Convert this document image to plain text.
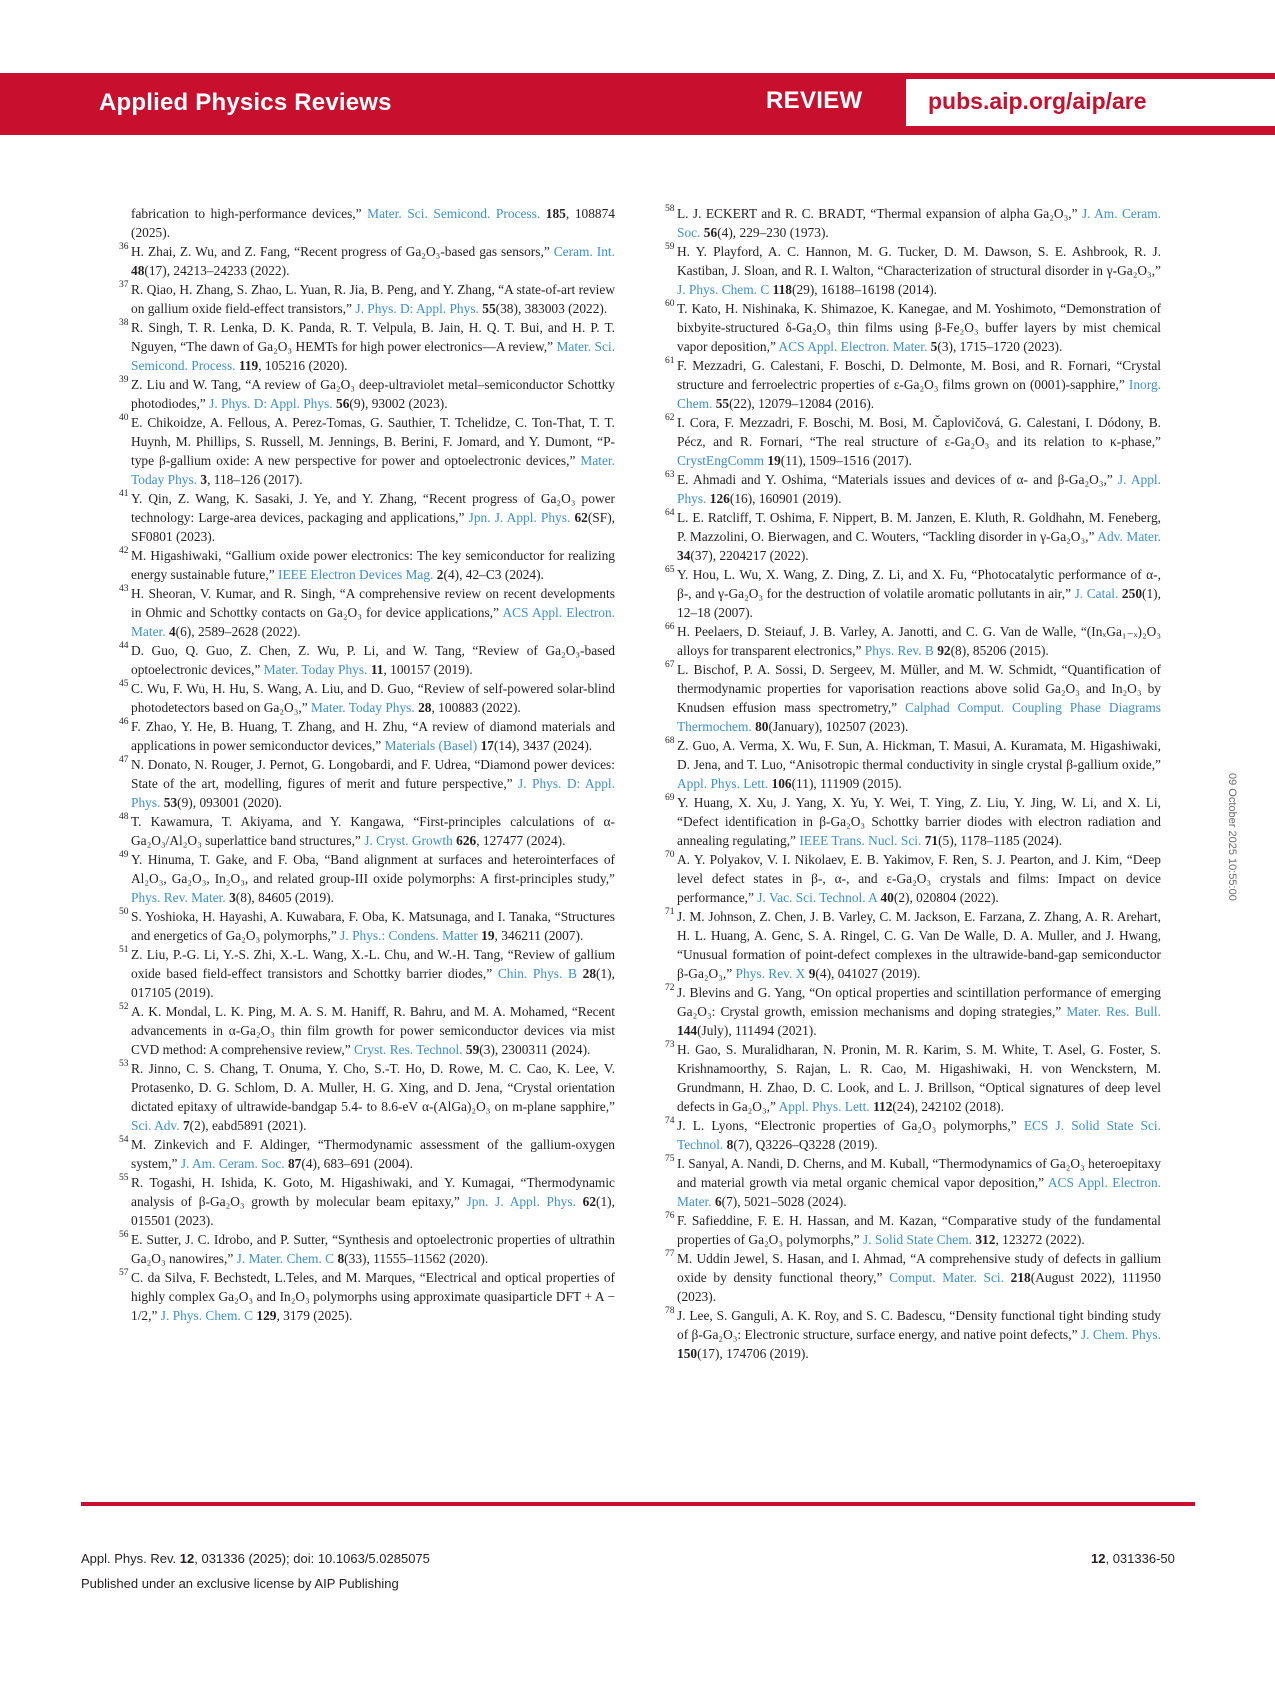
Applied Physics Reviews	REVIEW	pubs.aip.org/aip/are
fabrication to high-performance devices,” Mater. Sci. Semicond. Process. 185, 108874 (2025).
36 H. Zhai, Z. Wu, and Z. Fang, “Recent progress of Ga₂O₃-based gas sensors,” Ceram. Int. 48(17), 24213–24233 (2022).
37 R. Qiao, H. Zhang, S. Zhao, L. Yuan, R. Jia, B. Peng, and Y. Zhang, “A state-of-art review on gallium oxide field-effect transistors,” J. Phys. D: Appl. Phys. 55(38), 383003 (2022).
38 R. Singh, T. R. Lenka, D. K. Panda, R. T. Velpula, B. Jain, H. Q. T. Bui, and H. P. T. Nguyen, “The dawn of Ga₂O₃ HEMTs for high power electronics—A review,” Mater. Sci. Semicond. Process. 119, 105216 (2020).
39 Z. Liu and W. Tang, “A review of Ga₂O₃ deep-ultraviolet metal–semiconductor Schottky photodiodes,” J. Phys. D: Appl. Phys. 56(9), 93002 (2023).
40 E. Chikoidze, A. Fellous, A. Perez-Tomas, G. Sauthier, T. Tchelidze, C. Ton-That, T. T. Huynh, M. Phillips, S. Russell, M. Jennings, B. Berini, F. Jomard, and Y. Dumont, “P-type β-gallium oxide: A new perspective for power and optoelectronic devices,” Mater. Today Phys. 3, 118–126 (2017).
41 Y. Qin, Z. Wang, K. Sasaki, J. Ye, and Y. Zhang, “Recent progress of Ga₂O₃ power technology: Large-area devices, packaging and applications,” Jpn. J. Appl. Phys. 62(SF), SF0801 (2023).
42 M. Higashiwaki, “Gallium oxide power electronics: The key semiconductor for realizing energy sustainable future,” IEEE Electron Devices Mag. 2(4), 42–C3 (2024).
43 H. Sheoran, V. Kumar, and R. Singh, “A comprehensive review on recent developments in Ohmic and Schottky contacts on Ga₂O₃ for device applications,” ACS Appl. Electron. Mater. 4(6), 2589–2628 (2022).
44 D. Guo, Q. Guo, Z. Chen, Z. Wu, P. Li, and W. Tang, “Review of Ga₂O₃-based optoelectronic devices,” Mater. Today Phys. 11, 100157 (2019).
45 C. Wu, F. Wu, H. Hu, S. Wang, A. Liu, and D. Guo, “Review of self-powered solar-blind photodetectors based on Ga₂O₃,” Mater. Today Phys. 28, 100883 (2022).
46 F. Zhao, Y. He, B. Huang, T. Zhang, and H. Zhu, “A review of diamond materials and applications in power semiconductor devices,” Materials (Basel) 17(14), 3437 (2024).
47 N. Donato, N. Rouger, J. Pernot, G. Longobardi, and F. Udrea, “Diamond power devices: State of the art, modelling, figures of merit and future perspective,” J. Phys. D: Appl. Phys. 53(9), 093001 (2020).
48 T. Kawamura, T. Akiyama, and Y. Kangawa, “First-principles calculations of α-Ga₂O₃/Al₂O₃ superlattice band structures,” J. Cryst. Growth 626, 127477 (2024).
49 Y. Hinuma, T. Gake, and F. Oba, “Band alignment at surfaces and heterointerfaces of Al₂O₃, Ga₂O₃, In₂O₃, and related group-III oxide polymorphs: A first-principles study,” Phys. Rev. Mater. 3(8), 84605 (2019).
50 S. Yoshioka, H. Hayashi, A. Kuwabara, F. Oba, K. Matsunaga, and I. Tanaka, “Structures and energetics of Ga₂O₃ polymorphs,” J. Phys.: Condens. Matter 19, 346211 (2007).
51 Z. Liu, P.-G. Li, Y.-S. Zhi, X.-L. Wang, X.-L. Chu, and W.-H. Tang, “Review of gallium oxide based field-effect transistors and Schottky barrier diodes,” Chin. Phys. B 28(1), 017105 (2019).
52 A. K. Mondal, L. K. Ping, M. A. S. M. Haniff, R. Bahru, and M. A. Mohamed, “Recent advancements in α-Ga₂O₃ thin film growth for power semiconductor devices via mist CVD method: A comprehensive review,” Cryst. Res. Technol. 59(3), 2300311 (2024).
53 R. Jinno, C. S. Chang, T. Onuma, Y. Cho, S.-T. Ho, D. Rowe, M. C. Cao, K. Lee, V. Protasenko, D. G. Schlom, D. A. Muller, H. G. Xing, and D. Jena, “Crystal orientation dictated epitaxy of ultrawide-bandgap 5.4- to 8.6-eV α-(AlGa)₂O₃ on m-plane sapphire,” Sci. Adv. 7(2), eabd5891 (2021).
54 M. Zinkevich and F. Aldinger, “Thermodynamic assessment of the gallium-oxygen system,” J. Am. Ceram. Soc. 87(4), 683–691 (2004).
55 R. Togashi, H. Ishida, K. Goto, M. Higashiwaki, and Y. Kumagai, “Thermodynamic analysis of β-Ga₂O₃ growth by molecular beam epitaxy,” Jpn. J. Appl. Phys. 62(1), 015501 (2023).
56 E. Sutter, J. C. Idrobo, and P. Sutter, “Synthesis and optoelectronic properties of ultrathin Ga₂O₃ nanowires,” J. Mater. Chem. C 8(33), 11555–11562 (2020).
57 C. da Silva, F. Bechstedt, L.Teles, and M. Marques, “Electrical and optical properties of highly complex Ga₂O₃ and In₂O₃ polymorphs using approximate quasiparticle DFT + A − 1/2,” J. Phys. Chem. C 129, 3179 (2025).
58 L. J. ECKERT and R. C. BRADT, “Thermal expansion of alpha Ga₂O₃,” J. Am. Ceram. Soc. 56(4), 229–230 (1973).
59 H. Y. Playford, A. C. Hannon, M. G. Tucker, D. M. Dawson, S. E. Ashbrook, R. J. Kastiban, J. Sloan, and R. I. Walton, “Characterization of structural disorder in γ-Ga₂O₃,” J. Phys. Chem. C 118(29), 16188–16198 (2014).
60 T. Kato, H. Nishinaka, K. Shimazoe, K. Kanegae, and M. Yoshimoto, “Demonstration of bixbyite-structured δ-Ga₂O₃ thin films using β-Fe₂O₃ buffer layers by mist chemical vapor deposition,” ACS Appl. Electron. Mater. 5(3), 1715–1720 (2023).
61 F. Mezzadri, G. Calestani, F. Boschi, D. Delmonte, M. Bosi, and R. Fornari, “Crystal structure and ferroelectric properties of ε-Ga₂O₃ films grown on (0001)-sapphire,” Inorg. Chem. 55(22), 12079–12084 (2016).
62 I. Cora, F. Mezzadri, F. Boschi, M. Bosi, M. Čaplovičová, G. Calestani, I. Dódony, B. Pécz, and R. Fornari, “The real structure of ε-Ga₂O₃ and its relation to κ-phase,” CrystEngComm 19(11), 1509–1516 (2017).
63 E. Ahmadi and Y. Oshima, “Materials issues and devices of α- and β-Ga₂O₃,” J. Appl. Phys. 126(16), 160901 (2019).
64 L. E. Ratcliff, T. Oshima, F. Nippert, B. M. Janzen, E. Kluth, R. Goldhahn, M. Feneberg, P. Mazzolini, O. Bierwagen, and C. Wouters, “Tackling disorder in γ-Ga₂O₃,” Adv. Mater. 34(37), 2204217 (2022).
65 Y. Hou, L. Wu, X. Wang, Z. Ding, Z. Li, and X. Fu, “Photocatalytic performance of α-, β-, and γ-Ga₂O₃ for the destruction of volatile aromatic pollutants in air,” J. Catal. 250(1), 12–18 (2007).
66 H. Peelaers, D. Steiauf, J. B. Varley, A. Janotti, and C. G. Van de Walle, “(InₓGa₁₋ₓ)₂O₃ alloys for transparent electronics,” Phys. Rev. B 92(8), 85206 (2015).
67 L. Bischof, P. A. Sossi, D. Sergeev, M. Müller, and M. W. Schmidt, “Quantification of thermodynamic properties for vaporisation reactions above solid Ga₂O₃ and In₂O₃ by Knudsen effusion mass spectrometry,” Calphad Comput. Coupling Phase Diagrams Thermochem. 80(January), 102507 (2023).
68 Z. Guo, A. Verma, X. Wu, F. Sun, A. Hickman, T. Masui, A. Kuramata, M. Higashiwaki, D. Jena, and T. Luo, “Anisotropic thermal conductivity in single crystal β-gallium oxide,” Appl. Phys. Lett. 106(11), 111909 (2015).
69 Y. Huang, X. Xu, J. Yang, X. Yu, Y. Wei, T. Ying, Z. Liu, Y. Jing, W. Li, and X. Li, “Defect identification in β-Ga₂O₃ Schottky barrier diodes with electron radiation and annealing regulating,” IEEE Trans. Nucl. Sci. 71(5), 1178–1185 (2024).
70 A. Y. Polyakov, V. I. Nikolaev, E. B. Yakimov, F. Ren, S. J. Pearton, and J. Kim, “Deep level defect states in β-, α-, and ε-Ga₂O₃ crystals and films: Impact on device performance,” J. Vac. Sci. Technol. A 40(2), 020804 (2022).
71 J. M. Johnson, Z. Chen, J. B. Varley, C. M. Jackson, E. Farzana, Z. Zhang, A. R. Arehart, H. L. Huang, A. Genc, S. A. Ringel, C. G. Van De Walle, D. A. Muller, and J. Hwang, “Unusual formation of point-defect complexes in the ultrawide-band-gap semiconductor β-Ga₂O₃,” Phys. Rev. X 9(4), 041027 (2019).
72 J. Blevins and G. Yang, “On optical properties and scintillation performance of emerging Ga₂O₃: Crystal growth, emission mechanisms and doping strategies,” Mater. Res. Bull. 144(July), 111494 (2021).
73 H. Gao, S. Muralidharan, N. Pronin, M. R. Karim, S. M. White, T. Asel, G. Foster, S. Krishnamoorthy, S. Rajan, L. R. Cao, M. Higashiwaki, H. von Wenckstern, M. Grundmann, H. Zhao, D. C. Look, and L. J. Brillson, “Optical signatures of deep level defects in Ga₂O₃,” Appl. Phys. Lett. 112(24), 242102 (2018).
74 J. L. Lyons, “Electronic properties of Ga₂O₃ polymorphs,” ECS J. Solid State Sci. Technol. 8(7), Q3226–Q3228 (2019).
75 I. Sanyal, A. Nandi, D. Cherns, and M. Kuball, “Thermodynamics of Ga₂O₃ heteroepitaxy and material growth via metal organic chemical vapor deposition,” ACS Appl. Electron. Mater. 6(7), 5021–5028 (2024).
76 F. Safieddine, F. E. H. Hassan, and M. Kazan, “Comparative study of the fundamental properties of Ga₂O₃ polymorphs,” J. Solid State Chem. 312, 123272 (2022).
77 M. Uddin Jewel, S. Hasan, and I. Ahmad, “A comprehensive study of defects in gallium oxide by density functional theory,” Comput. Mater. Sci. 218(August 2022), 111950 (2023).
78 J. Lee, S. Ganguli, A. K. Roy, and S. C. Badescu, “Density functional tight binding study of β-Ga₂O₃: Electronic structure, surface energy, and native point defects,” J. Chem. Phys. 150(17), 174706 (2019).
09 October 2025 10:55:00
Appl. Phys. Rev. 12, 031336 (2025); doi: 10.1063/5.0285075	12, 031336-50
Published under an exclusive license by AIP Publishing
